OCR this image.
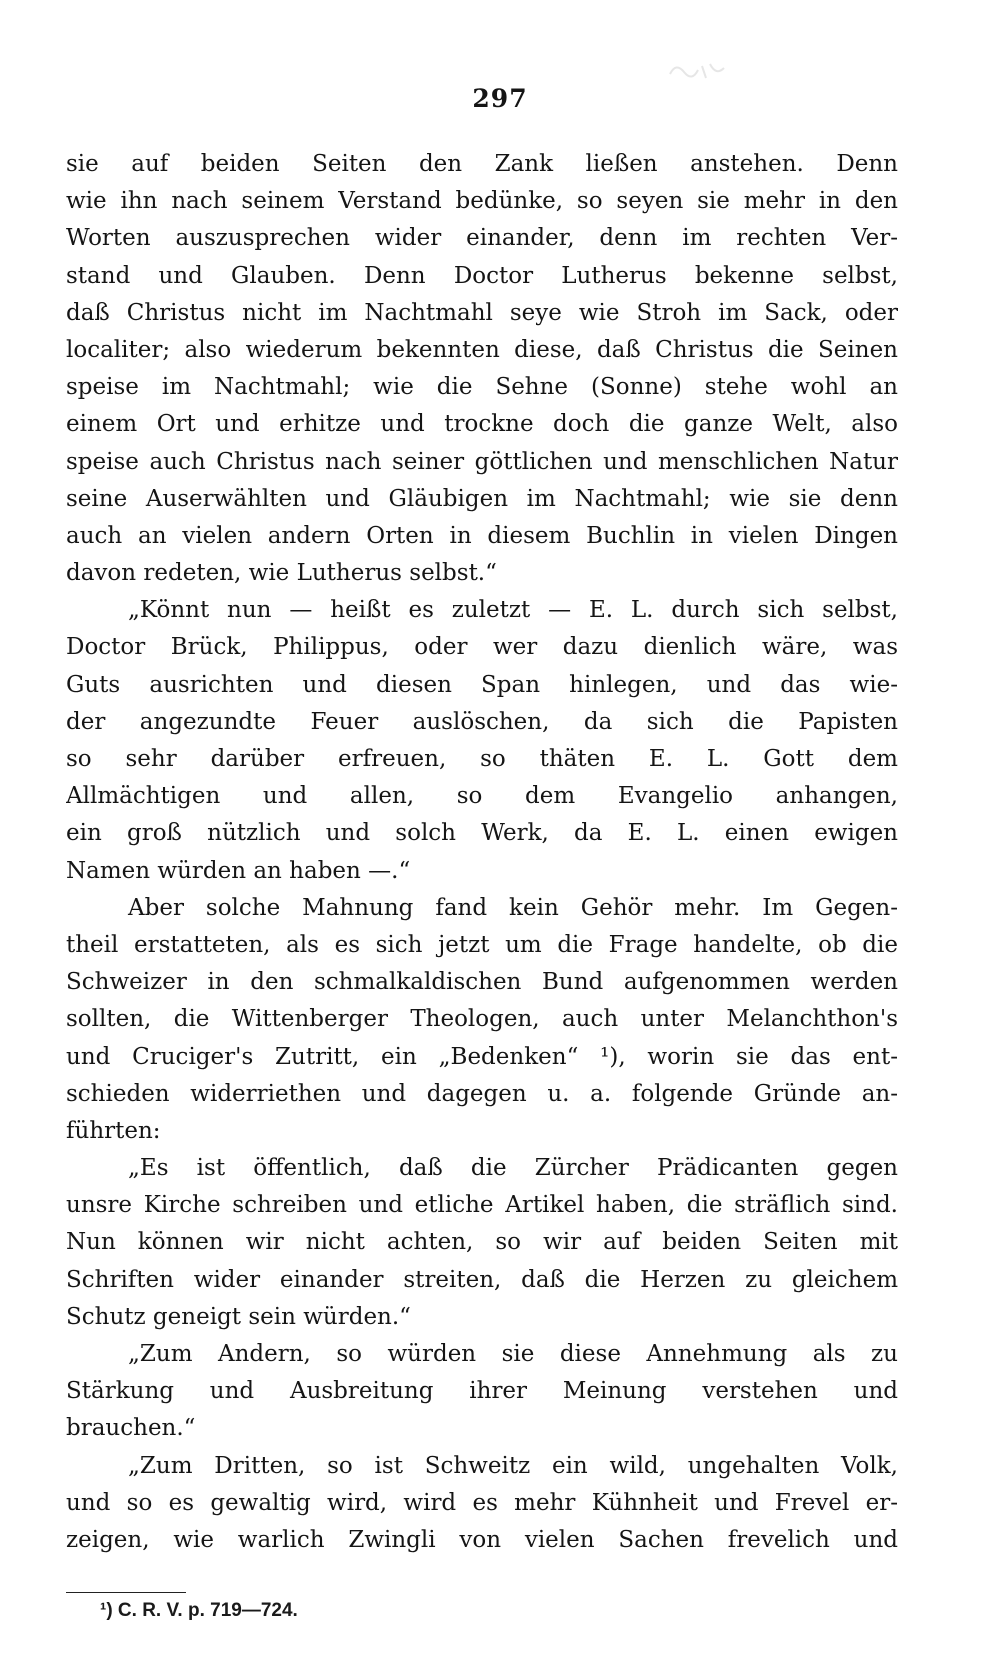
297
sie auf beiden Seiten den Zank ließen anstehen. Denn
wie ihn nach seinem Verstand bedünke, so seyen sie mehr in den
Worten auszusprechen wider einander, denn im rechten Ver-
stand und Glauben. Denn Doctor Lutherus bekenne selbst,
daß Christus nicht im Nachtmahl seye wie Stroh im Sack, oder
localiter; also wiederum bekennten diese, daß Christus die Seinen
speise im Nachtmahl; wie die Sehne (Sonne) stehe wohl an
einem Ort und erhitze und trockne doch die ganze Welt, also
speise auch Christus nach seiner göttlichen und menschlichen Natur
seine Auserwählten und Gläubigen im Nachtmahl; wie sie denn
auch an vielen andern Orten in diesem Buchlin in vielen Dingen
davon redeten, wie Lutherus selbst.“
„Könnt nun — heißt es zuletzt — E. L. durch sich selbst,
Doctor Brück, Philippus, oder wer dazu dienlich wäre, was
Guts ausrichten und diesen Span hinlegen, und das wie-
der angezundte Feuer auslöschen, da sich die Papisten
so sehr darüber erfreuen, so thäten E. L. Gott dem
Allmächtigen und allen, so dem Evangelio anhangen,
ein groß nützlich und solch Werk, da E. L. einen ewigen
Namen würden an haben —.“
Aber solche Mahnung fand kein Gehör mehr. Im Gegen-
theil erstatteten, als es sich jetzt um die Frage handelte, ob die
Schweizer in den schmalkaldischen Bund aufgenommen werden
sollten, die Wittenberger Theologen, auch unter Melanchthon's
und Cruciger's Zutritt, ein „Bedenken“ ¹), worin sie das ent-
schieden widerriethen und dagegen u. a. folgende Gründe an-
führten:
„Es ist öffentlich, daß die Zürcher Prädicanten gegen
unsre Kirche schreiben und etliche Artikel haben, die sträflich sind.
Nun können wir nicht achten, so wir auf beiden Seiten mit
Schriften wider einander streiten, daß die Herzen zu gleichem
Schutz geneigt sein würden.“
„Zum Andern, so würden sie diese Annehmung als zu
Stärkung und Ausbreitung ihrer Meinung verstehen und
brauchen.“
„Zum Dritten, so ist Schweitz ein wild, ungehalten Volk,
und so es gewaltig wird, wird es mehr Kühnheit und Frevel er-
zeigen, wie warlich Zwingli von vielen Sachen frevelich und
¹) C. R. V. p. 719—724.
